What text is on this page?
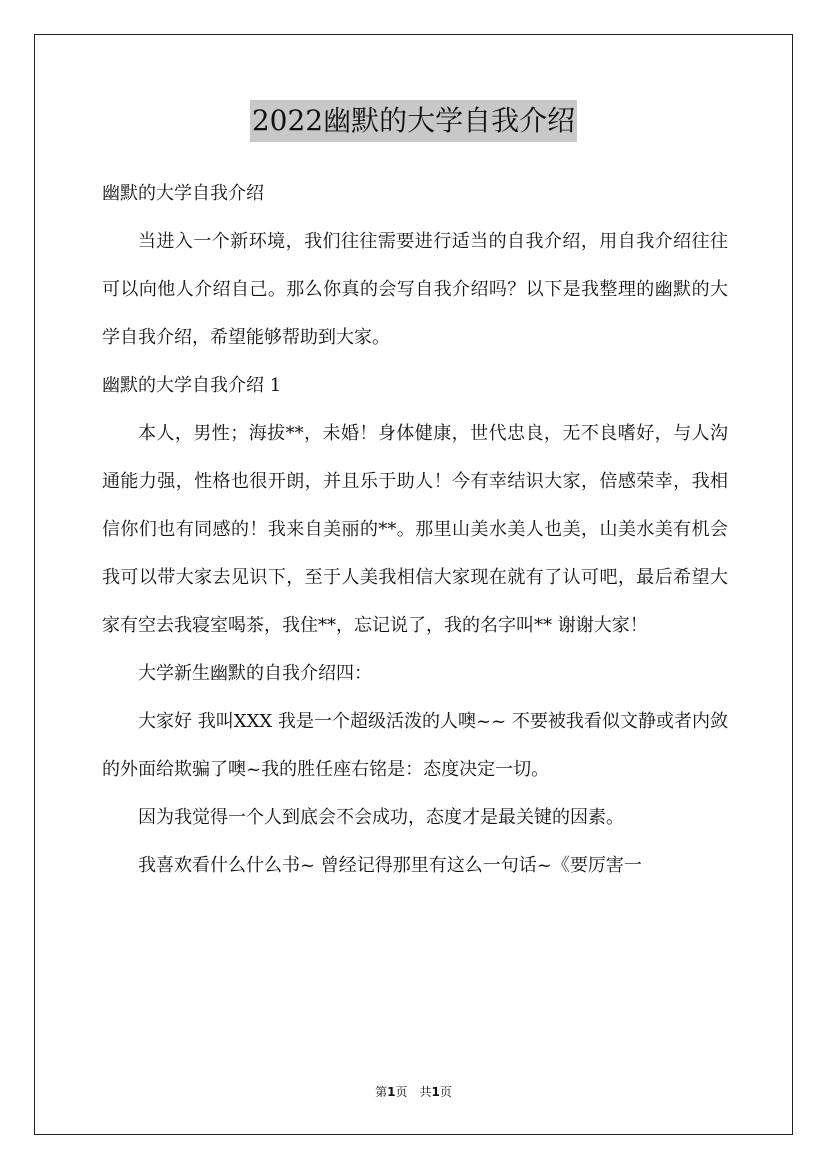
2022幽默的大学自我介绍

幽默的大学自我介绍

当进入一个新环境，我们往往需要进行适当的自我介绍，用自我介绍往往可以向他人介绍自己。那么你真的会写自我介绍吗？以下是我整理的幽默的大学自我介绍，希望能够帮助到大家。

幽默的大学自我介绍 1

本人，男性；海拔**，未婚！身体健康，世代忠良，无不良嗜好，与人沟通能力强，性格也很开朗，并且乐于助人！今有幸结识大家，倍感荣幸，我相信你们也有同感的！我来自美丽的**。那里山美水美人也美，山美水美有机会我可以带大家去见识下，至于人美我相信大家现在就有了认可吧，最后希望大家有空去我寝室喝茶，我住**，忘记说了，我的名字叫** 谢谢大家！

大学新生幽默的自我介绍四：

大家好 我叫XXX 我是一个超级活泼的人噢~~ 不要被我看似文静或者内敛的外面给欺骗了噢~我的胜任座右铭是：态度决定一切。

因为我觉得一个人到底会不会成功，态度才是最关键的因素。

我喜欢看什么什么书~ 曾经记得那里有这么一句话~《要厉害一

第1页　共1页
